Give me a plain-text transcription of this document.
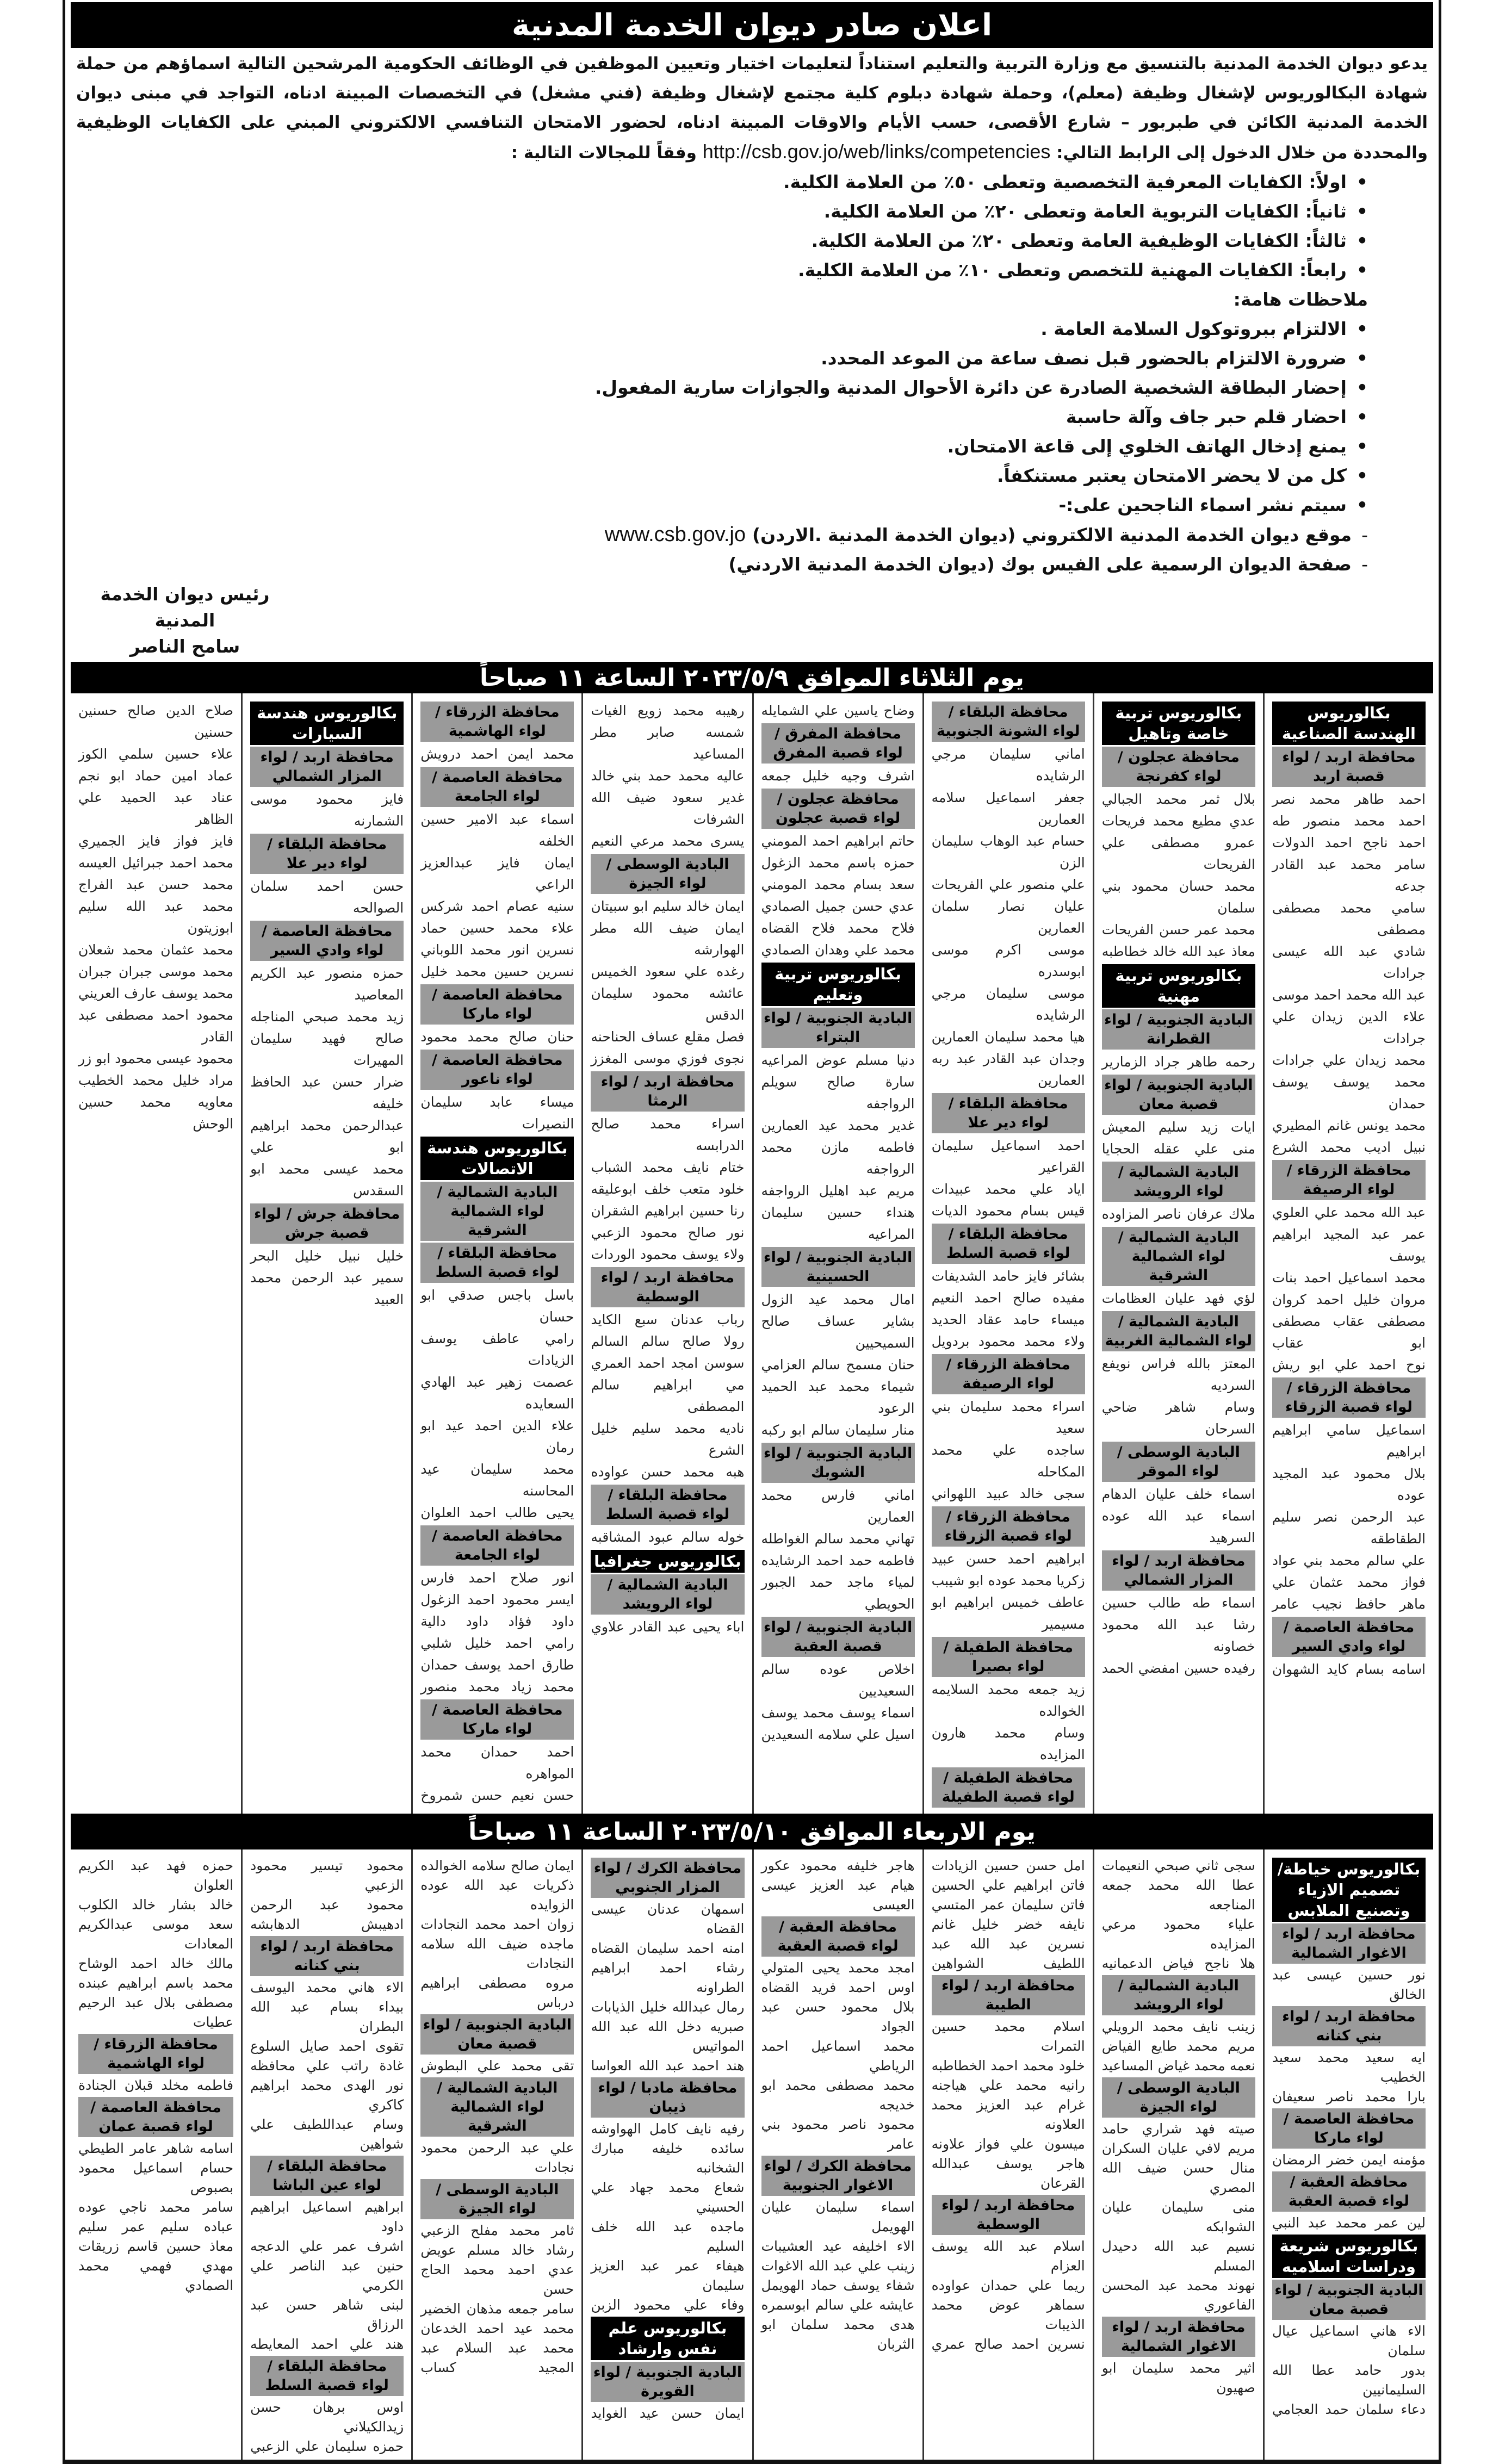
اعلان صادر ديوان الخدمة المدنية
يدعو ديوان الخدمة المدنية بالتنسيق مع وزارة التربية والتعليم استناداً لتعليمات اختيار وتعيين الموظفين في الوظائف الحكومية المرشحين التالية اسماؤهم من حملة شهادة البكالوريوس لإشغال وظيفة (معلم)، وحملة شهادة دبلوم كلية مجتمع لإشغال وظيفة (فني مشغل) في التخصصات المبينة ادناه، التواجد في مبنى ديوان الخدمة المدنية الكائن في طبربور – شارع الأقصى، حسب الأيام والاوقات المبينة ادناه، لحضور الامتحان التنافسي الالكتروني المبني على الكفايات الوظيفية والمحددة من خلال الدخول إلى الرابط التالي: http://csb.gov.jo/web/links/competencies وفقاً للمجالات التالية :
• اولاً: الكفايات المعرفية التخصصية وتعطى ٥٠٪ من العلامة الكلية.
• ثانياً: الكفايات التربوية العامة وتعطى ٢٠٪ من العلامة الكلية.
• ثالثاً: الكفايات الوظيفية العامة وتعطى ٢٠٪ من العلامة الكلية.
• رابعاً: الكفايات المهنية للتخصص وتعطى ١٠٪ من العلامة الكلية.
ملاحظات هامة:
• الالتزام ببروتوكول السلامة العامة .
• ضرورة الالتزام بالحضور قبل نصف ساعة من الموعد المحدد.
• إحضار البطاقة الشخصية الصادرة عن دائرة الأحوال المدنية والجوازات سارية المفعول.
• احضار قلم حبر جاف وآلة حاسبة
• يمنع إدخال الهاتف الخلوي إلى قاعة الامتحان.
• كل من لا يحضر الامتحان يعتبر مستنكفاً.
• سيتم نشر اسماء الناجحين على:-
- موقع ديوان الخدمة المدنية الالكتروني (ديوان الخدمة المدنية .الاردن)www.csb.gov.jo
- صفحة الديوان الرسمية على الفيس بوك (ديوان الخدمة المدنية الاردني)
رئيس ديوان الخدمة المدنية
سامح الناصر
يوم الثلاثاء الموافق ٢٠٢٣/٥/٩ الساعة ١١ صباحاً
بكالوريوس الهندسة الصناعية
محافظة اربد / لواء قصبة اربد
احمد طاهر محمد نصر
احمد محمد منصور طه
احمد ناجح احمد الدولات
سامر محمد عبد القادر جدعه
سامي محمد مصطفى مصطفى
شادي عبد الله عيسى جرادات
عبد الله محمد احمد موسى
علاء الدين زيدان علي جرادات
محمد زيدان علي جرادات
محمد يوسف يوسف حمدان
محمد يونس غانم المطيري
نبيل اديب محمد الشرع
محافظة الزرقاء / لواء الرصيفة
عبد الله محمد علي العلوي
عمر عبد المجيد ابراهيم يوسف
محمد اسماعيل احمد بنات
مروان خليل احمد كروان
مصطفى عقاب مصطفى ابو عقاب
نوح احمد علي ابو ريش
محافظة الزرقاء / لواء قصبة الزرقاء
اسماعيل سامي ابراهيم ابراهيم
بلال محمود عبد المجيد عوده
عبد الرحمن نصر سليم الطقاطقه
علي سالم محمد بني عواد
فواز محمد عثمان علي
ماهر حافظ نجيب عامر
محافظة العاصمة / لواء وادي السير
اسامه بسام كايد الشهوان
بكالوريوس تربية خاصة وتاهيل
محافظة عجلون / لواء كفرنجة
بلال ثمر محمد الجبالي
عدي مطيع محمد فريحات
عمرو مصطفى علي الفريحات
محمد حسان محمود بني سلمان
محمد عمر حسن الفريحات
معاذ عبد الله خالد خطاطبه
بكالوريوس تربية مهنية
البادية الجنوبية / لواء القطرانة
رحمه طاهر جراد الزمارير
البادية الجنوبية / لواء قصبة معان
ايات زيد سليم المعيش
منى علي عقله الحجايا
البادية الشمالية / لواء الرويشد
ملاك عرفان ناصر المزاوده
البادية الشمالية / لواء الشمالية الشرقية
لؤي فهد عليان العظامات
البادية الشمالية / لواء الشمالية الغربية
المعتز بالله فراس نويفع السرديه
وسام شاهر ضاحي السرحان
البادية الوسطى / لواء الموقر
اسماء خلف عليان الدهام
اسماء عبد الله عوده السرهيد
محافظة اربد / لواء المزار الشمالي
اسماء طه طالب حسين
رشا عبد الله محمود خصاونه
رفيده حسين امفضي الحمد
محافظة البلقاء / لواء الشونة الجنوبية
اماني سليمان مرجي الرشايده
جعفر اسماعيل سلامه العمارين
حسام عبد الوهاب سليمان الزن
علي منصور علي الفريحات
عليان نصار سلمان العمارين
موسى اكرم موسى ابوسدره
موسى سليمان مرجي الرشايده
هيا محمد سليمان العمارين
وجدان عبد القادر عبد ربه العمارين
محافظة البلقاء / لواء دير علا
احمد اسماعيل سليمان القراعير
اياد علي محمد عبيدات
قيس بسام محمود الديات
محافظة البلقاء / لواء قصبة السلط
بشائر فايز حامد الشديفات
مفيده صالح احمد النعيم
ميساء حامد عقاد الحديد
ولاء محمد محمود بردويل
محافظة الزرقاء / لواء الرصيفة
اسراء محمد سليمان بني سعيد
ساجده علي محمد المكاحله
سجى خالد عبيد اللهواني
محافظة الزرقاء / لواء قصبة الزرقاء
ابراهيم احمد حسن عبيد
زكريا محمد عوده ابو شيبب
عاطف خميس ابراهيم ابو مسيمير
محافظة الطفيلة / لواء بصيرا
زيد جمعه محمد السلايمه الخوالده
وسام محمد هارون المزايده
محافظة الطفيلة / لواء قصبة الطفيلة
وضاح ياسين علي الشمايله
محافظة المفرق / لواء قصبة المفرق
اشرف وجيه خليل جمعه
محافظة عجلون / لواء قصبة عجلون
حاتم ابراهيم احمد المومني
حمزه باسم محمد الزغول
سعد بسام محمد المومني
عدي حسن جميل الصمادي
فلاح محمد فلاح القضاه
محمد علي وهدان الصمادي
بكالوريوس تربية وتعليم
البادية الجنوبية / لواء البتراء
دنيا مسلم عوض المراعيه
سارة صالح سويلم الرواجفه
غدير محمد عيد العمارين
فاطمه مازن محمد الرواجفه
مريم عبد اهليل الرواجفه
هنداء حسين سليمان المراعيه
البادية الجنوبية / لواء الحسينية
امال محمد عيد الزول
بشاير عساف صالح السميحيين
حنان مسمح سالم العزامي
شيماء محمد عبد الحميد الرعود
منار سليمان سالم ابو ركبه
البادية الجنوبية / لواء الشوبك
اماني فارس محمد العمارين
تهاني محمد سالم الغواطله
فاطمه حمد احمد الرشايده
لمياء ماجد حمد الجبور الحويطي
البادية الجنوبية / لواء قصبة العقبة
اخلاص عوده سالم السعيديين
اسماء يوسف محمد يوسف
اسيل علي سلامه السعيدين
رهيبه محمد زويع الغيات
شمسه صابر مطر المساعيد
عاليه محمد حمد بني خالد
غدير سعود ضيف الله الشرفات
يسرى محمد مرعي النعيم
البادية الوسطى / لواء الجيزة
ايمان خالد سليم ابو سبيتان
ايمان ضيف الله مطر الهوارشه
رغده علي سعود الخميس
عائشه محمود سليمان الدقس
فصل مقلع عساف الحناحنه
نجوى فوزي موسى المغزز
محافظة اربد / لواء الرمثا
اسراء محمد صالح الدرابسه
ختام نايف محمد الشباب
خلود متعب خلف ابوعليقه
رنا حسين ابراهيم الشقران
نور صالح محمود الزعبي
ولاء يوسف محمود الوردات
محافظة اربد / لواء الوسطية
رباب عدنان سبع الكايد
رولا صالح سالم السالم
سوسن امجد احمد العمري
مي ابراهيم سالم المصطفى
ناديه محمد سليم خليل الشرع
هبه محمد حسن عواوده
محافظة البلقاء / لواء قصبة السلط
خوله سالم عبود المشاقبه
بكالوريوس جغرافيا
البادية الشمالية / لواء الرويشد
اباء يحيى عبد القادر علاوي
محافظة الزرقاء / لواء الهاشمية
محمد ايمن احمد درويش
محافظة العاصمة / لواء الجامعة
اسماء عبد الامير حسين الخلفه
ايمان فايز عبدالعزيز الراعي
سنيه عصام احمد شركس
علاء محمد حسين حماد
نسرين انور محمد اللوباني
نسرين حسين محمد خليل
محافظة العاصمة / لواء ماركا
حنان صالح محمد محمود
محافظة العاصمة / لواء ناعور
ميساء عابد سليمان النصيرات
بكالوريوس هندسة الاتصالات
البادية الشمالية / لواء الشمالية الشرقية
محافظة البلقاء / لواء قصبة السلط
باسل باجس صدقي ابو حسان
رامي عاطف يوسف الزيادات
عصمت زهير عبد الهادي السعايده
علاء الدين احمد عيد ابو رمان
محمد سليمان عيد المحاسنه
يحيى طالب احمد العلوان
محافظة العاصمة / لواء الجامعة
انور صلاح احمد فارس
ايسر محمود احمد الزغول
داود فؤاد داود دالية
رامي احمد خليل شلبي
طارق احمد يوسف حمدان
محمد زياد محمد منصور
محافظة العاصمة / لواء ماركا
احمد حمدان محمد المواهره
حسن نعيم حسن شمروخ
بكالوريوس هندسة السيارات
محافظة اربد / لواء المزار الشمالي
فايز محمود موسى الشمارنه
محافظة البلقاء / لواء دير علا
حسن احمد سلمان الصوالحه
محافظة العاصمة / لواء وادي السير
حمزه منصور عبد الكريم المعاصيد
زيد محمد صبحي المناجله
صالح فهيد سليمان المهيرات
ضرار حسن عبد الحافظ خليفه
عبدالرحمن محمد ابراهيم ابو علي
محمد عيسى محمد ابو السقدس
محافظة جرش / لواء قصبة جرش
خليل نبيل خليل البحر
سمير عبد الرحمن محمد العبيد
صلاح الدين صالح حسنين حسنين
علاء حسين سلمي الكوز
عماد امين حماد ابو نجم
عناد عبد الحميد علي الظاهر
فايز فواز فايز الجميري
محمد احمد جبرائيل العيسه
محمد حسن عبد الفراج
محمد عبد الله سليم ابوزيتون
محمد عثمان محمد شعلان
محمد موسى جبران جبران
محمد يوسف عارف العريني
محمود احمد مصطفى عبد القادر
محمود عيسى محمود ابو زر
مراد خليل محمد الخطيب
معاويه محمد حسين الوحش
يوم الاربعاء الموافق ٢٠٢٣/٥/١٠ الساعة ١١ صباحاً
بكالوريوس خياطة/تصميم الازياء وتصنيع الملابس
محافظة اربد / لواء الاغوار الشمالية
نور حسين عيسى عبد الخالق
محافظة اربد / لواء بني كنانه
ايه سعيد محمد سعيد الخطيب
بارا محمد ناصر سعيفان
محافظة العاصمة / لواء ماركا
مؤمنه ايمن خضر الرمضان
محافظة العقبة / لواء قصبة العقبة
لين عمر محمد عبد النبي
بكالوريوس شريعة ودراسات اسلاميه
البادية الجنوبية / لواء قصبة معان
الاء هاني اسماعيل عيال سلمان
بدور حامد عطا الله السليمانيين
دعاء سلمان حمد العجامي
سجى ثاني صبحي النعيمات
عطا الله محمد جمعه المناجعه
علياء محمود مرعي المزايده
هلا ناجح فياض الدعمانيه
البادية الشمالية / لواء الرويشد
زينب نايف محمد الرويلي
مريم محمد طايع الفياض
نعمه محمد غياض المساعيد
البادية الوسطى / لواء الجيزة
صيته فهد شراري حامد
مريم لافي عليان السكران
منال حسن ضيف الله المصري
منى سليمان عليان الشوابكه
نسيم عبد الله دحيدل المسلم
نهوند محمد عبد المحسن الفاعوري
محافظة اربد / لواء الاغوار الشمالية
اثير محمد سليمان ابو صهيون
امل حسن حسين الزيادات
فاتن ابراهيم علي الحسين
فاتن سليمان عمر المتسي
نايفه خضر خليل غانم
نسرين عبد الله عبد اللطيف الشواهين
محافظة اربد / لواء الطيبة
اسلام محمد حسين التمرات
خلود محمد احمد الخطاطبه
رانيه محمد علي هياجنه
غرام عبد العزيز محمد العلاونه
ميسون علي فواز علاونه
هاجر يوسف عبدالله القرعان
محافظة اربد / لواء الوسطية
اسلام عبد الله يوسف العزام
ريما علي حمدان عواوده
سماهر عوض محمد الذيبات
نسرين احمد صالح عمري
هاجر خليفه محمود عكور
هيام عبد العزيز عيسى العيسى
محافظة العقبة / لواء قصبة العقبة
امجد محمد يحيى المتولي
اوس احمد فريد القضاه
بلال محمود حسن عبد الجواد
محمد اسماعيل احمد الرياطي
محمد مصطفى محمد ابو خديجه
محمود ناصر محمود بني عامر
محافظة الكرك / لواء الاغوار الجنوبية
اسماء سليمان عليان الهويمل
الاء اخليفه عيد العشيبات
زينب علي عبد الله الاغوات
شفاء يوسف حماد الهويمل
عايشه علي سالم ابوسمره
هدى محمد سلمان ابو الثربان
محافظة الكرك / لواء المزار الجنوبي
اسمهان عدنان عيسى القضاه
امنه احمد سليمان القضاه
رشاء احمد ابراهيم الطراونه
رمال عبدالله خليل الذيابات
صبريه دخل الله عبد الله المواتيس
هند احمد عبد الله العواسا
محافظة مادبا / لواء ذيبان
رفيه نايف كامل الهواوشه
سائده خليفه مبارك الشخانبه
شعاع محمد جهاد علي الحسيني
ماجده عبد الله خلف السليم
هيفاء عمر عبد العزيز سليمان
وفاء علي محمود الزبن
بكالوريوس علم نفس وارشاد
البادية الجنوبية / لواء القويرة
ايمان حسن عيد الغوايد
ايمان صالح سلامه الخوالده
ذكريات عبد الله عوده الزوايده
زوان احمد محمد النجادات
ماجده ضيف الله سلامه النجادات
مروه مصطفى ابراهيم درباس
البادية الجنوبية / لواء قصبة معان
تقى محمد علي البطوش
البادية الشمالية / لواء الشمالية الشرقية
علي عبد الرحمن محمود نجادات
البادية الوسطى / لواء الجيزة
ثامر محمد مفلح الزعبي
رشاد خالد مسلم عويض
عدي احمد محمد الحاج حسن
سامر جمعه مذهان الخضير
محمد عيد احمد الخدعان
محمد عبد السلام عبد المجيد كساب
محمود تيسير محمود الزعبي
محمود عبد الرحمن ادهيبش الدهابشه
محافظة اربد / لواء بني كنانه
الاء هاني محمد اليوسف
بيداء بسام عبد الله البطران
تقوى احمد صايل السلوع
غادة راتب علي محافظه
نور الهدى محمد ابراهيم كاكري
وسام عبداللطيف علي شواهين
محافظة البلقاء / لواء عين الباشا
ابراهيم اسماعيل ابراهيم داود
اشرف عمر علي الدعجه
حنين عبد الناصر علي الكرمي
لبنى شاهر حسن عبد الرزاق
هند علي احمد المعايطه
محافظة البلقاء / لواء قصبة السلط
اوس برهان حسن زيدالكيلاني
حمزه سليمان علي الزعبي
حمزه فهد عبد الكريم العلوان
خالد بشار خالد الكلوب
سعد موسى عبدالكريم المعادات
مالك خالد احمد الوشاح
محمد باسم ابراهيم عبنده
مصطفى بلال عبد الرحيم عطيات
محافظة الزرقاء / لواء الهاشمية
فاطمه مخلد قبلان الجنادة
محافظة العاصمة / لواء قصبة عمان
اسامه شاهر عامر الطيطي
حسام اسماعيل محمود بصبوص
سامر محمد ناجي عوده
عباده سليم عمر سليم
معاذ حسين قاسم زريقات
مهدي فهمي محمد الصمادي
